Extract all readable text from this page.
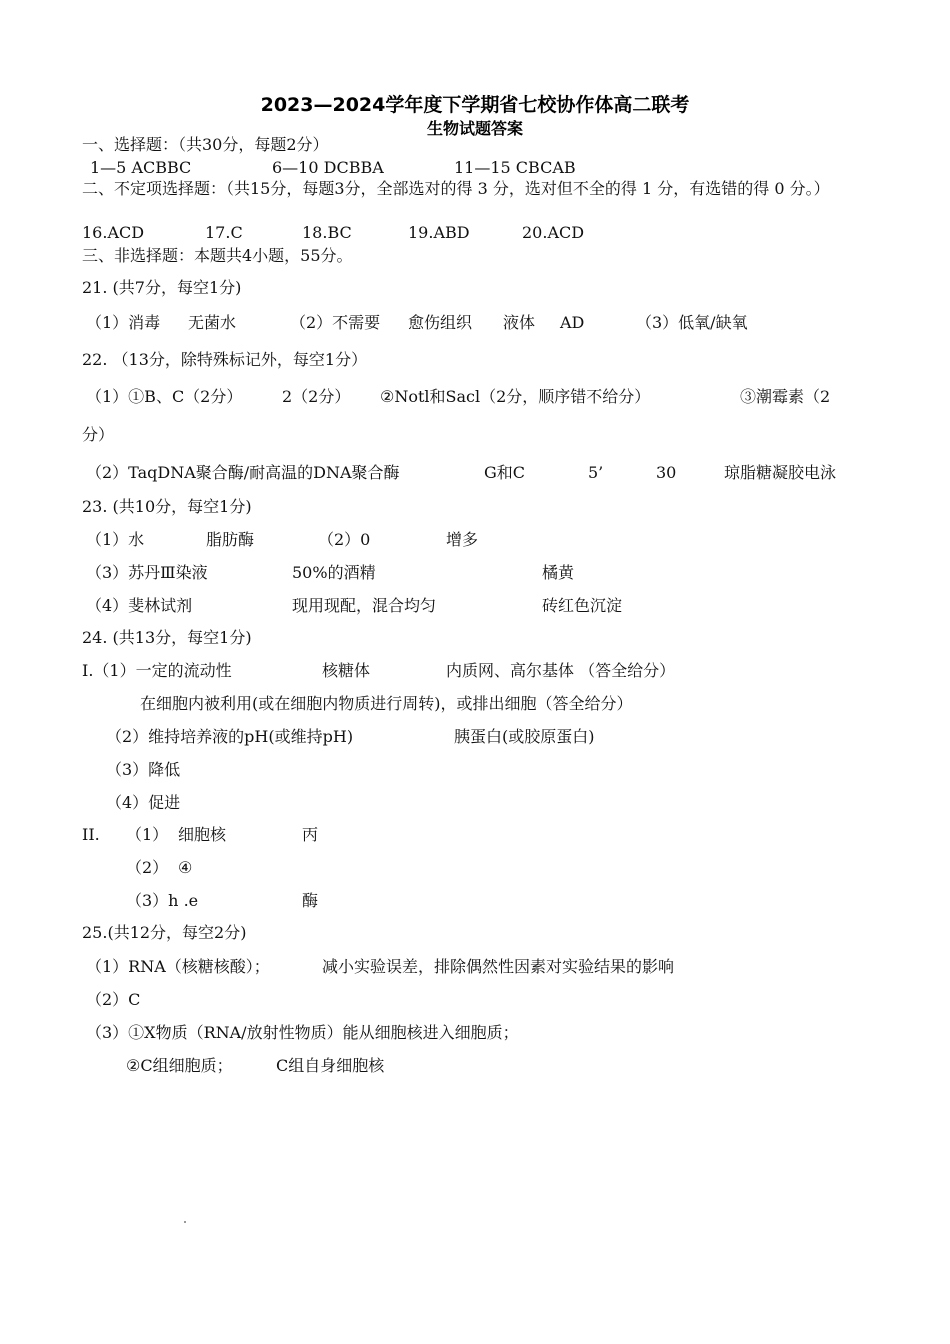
2023—2024学年度下学期省七校协作体高二联考
生物试题答案
一、选择题：（共30分，每题2分）
1—5 ACBBC	6—10 DCBBA	11—15 CBCAB
二、不定项选择题：（共15分，每题3分，全部选对的得 3 分，选对但不全的得 1 分，有选错的得 0 分。）
16.ACD	17.C	18.BC	19.ABD	20.ACD
三、非选择题：本题共4小题，55分。
21. (共7分，每空1分)
（1）消毒 无菌水	（2）不需要 愈伤组织 液体 AD	（3）低氧/缺氧
22. （13分，除特殊标记外，每空1分）
（1）①B、C（2分） 2（2分） ②Notl和Sacl（2分，顺序错不给分）	③潮霉素（2
分）
（2）TaqDNA聚合酶/耐高温的DNA聚合酶	G和C	5’	30	琼脂糖凝胶电泳
23. (共10分，每空1分)
（1）水	脂肪酶	（2）0	增多
（3）苏丹Ⅲ染液	50%的酒精	橘黄
（4）斐林试剂	现用现配，混合均匀	砖红色沉淀
24. (共13分，每空1分)
I.（1）一定的流动性	核糖体	内质网、高尔基体 （答全给分）
在细胞内被利用(或在细胞内物质进行周转)，或排出细胞（答全给分）
（2）维持培养液的pH(或维持pH)	胰蛋白(或胶原蛋白)
（3）降低
（4）促进
II. （1） 细胞核	丙
（2） ④
（3）h .e	酶
25.(共12分，每空2分)
（1）RNA（核糖核酸）；	减小实验误差，排除偶然性因素对实验结果的影响
（2）C
（3）①X物质（RNA/放射性物质）能从细胞核进入细胞质；
②C组细胞质；	C组自身细胞核
